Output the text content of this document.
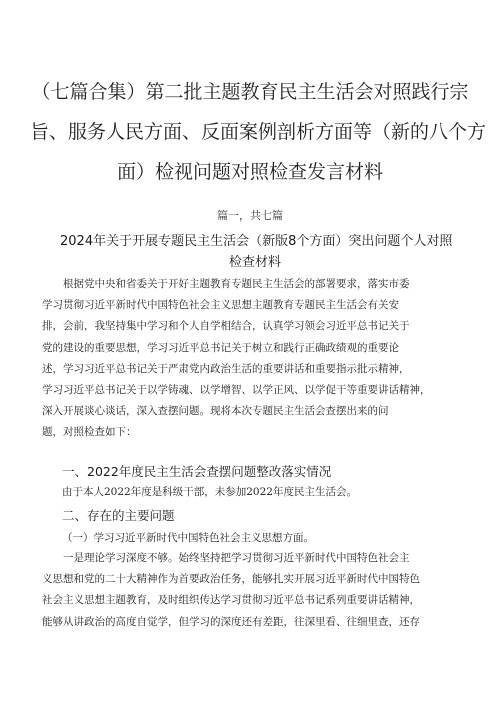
（七篇合集）第二批主题教育民主生活会对照践行宗
旨、服务人民方面、反面案例剖析方面等（新的八个方
面）检视问题对照检查发言材料
篇一，共七篇
2024年关于开展专题民主生活会（新版8个方面）突出问题个人对照
检查材料
根据党中央和省委关于开好主题教育专题民主生活会的部署要求，落实市委
学习贯彻习近平新时代中国特色社会主义思想主题教育专题民主生活会有关安
排，会前，我坚持集中学习和个人自学相结合，认真学习领会习近平总书记关于
党的建设的重要思想，学习习近平总书记关于树立和践行正确政绩观的重要论
述，学习习近平总书记关于严肃党内政治生活的重要讲话和重要指示批示精神，
学习习近平总书记关于以学铸魂、以学增智、以学正风、以学促干等重要讲话精神，
深入开展谈心谈话，深入查摆问题。现将本次专题民主生活会查摆出来的问
题，对照检查如下：
一、2022年度民主生活会查摆问题整改落实情况
由于本人2022年度是科级干部，未参加2022年度民主生活会。
二、存在的主要问题
（一）学习习近平新时代中国特色社会主义思想方面。
一是理论学习深度不够。始终坚持把学习贯彻习近平新时代中国特色社会主
义思想和党的二十大精神作为首要政治任务，能够扎实开展习近平新时代中国特色
社会主义思想主题教育，及时组织传达学习贯彻习近平总书记系列重要讲话精神，
能够从讲政治的高度自觉学，但学习的深度还有差距，往深里看、往细里查，还存
